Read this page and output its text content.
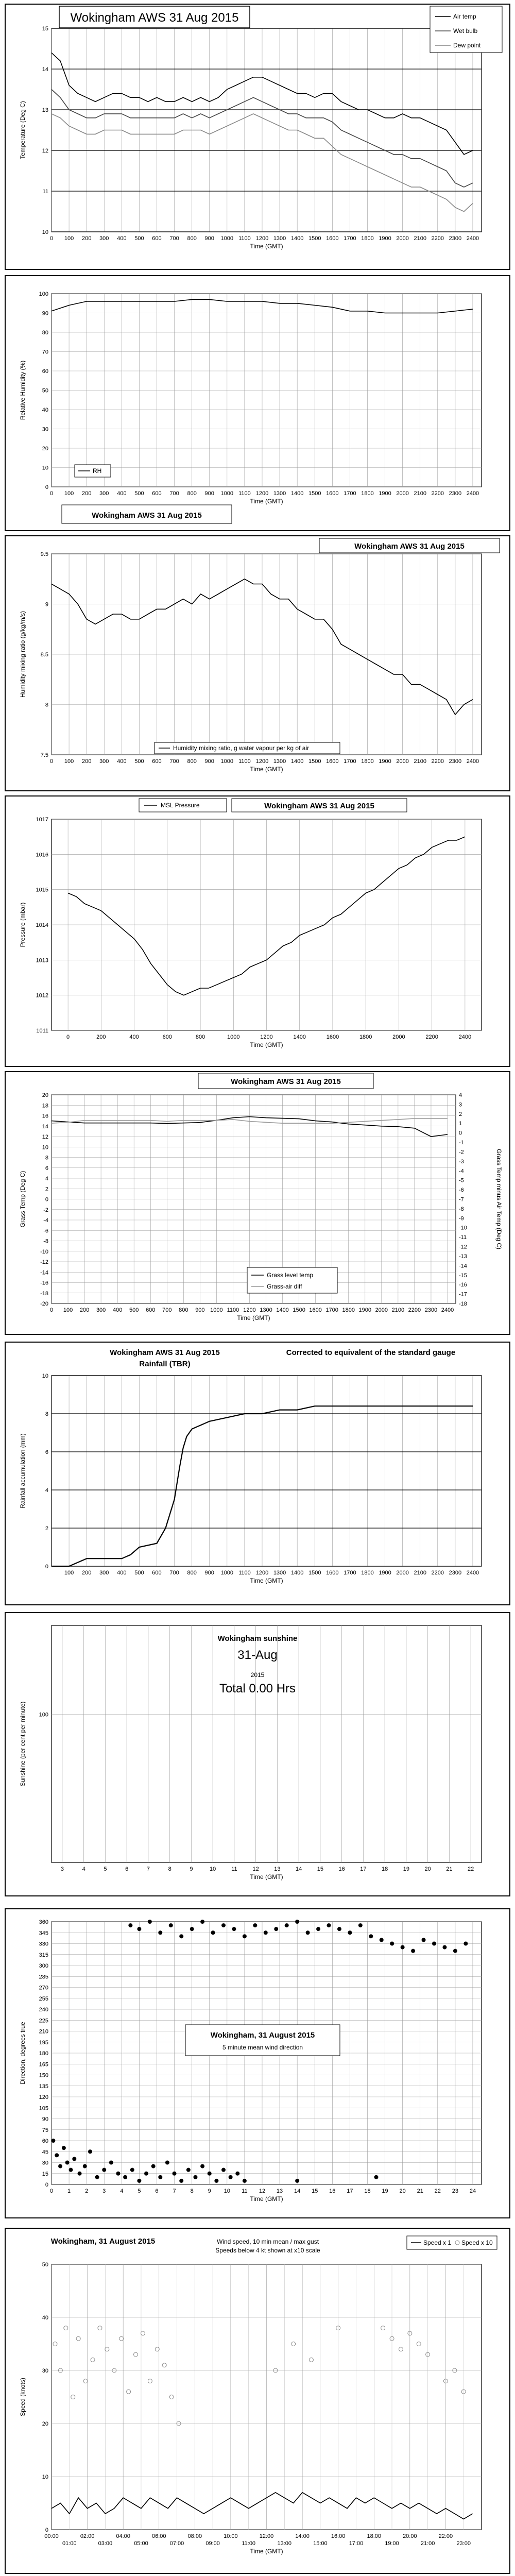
0 100 200 300 400 500 600 700 800 900 1000 1100 1200 1300 1400 1500 1600 1700 1800 1900 2000 2100 2200 2300 2400
10
11
12
13
14
15
Time (GMT)
Temperature (Deg C)
Wokingham AWS 31 Aug 2015	Air temp
Wet bulb
Dew point
0 100 200 300 400 500 600 700 800 900 1000 1100 1200 1300 1400 1500 1600 1700 1800 1900 2000 2100 2200 2300 2400
0
10
20
30
40
50
60
70
80
90
100
Time (GMT)
Relative Humidity (%)
Wokingham AWS 31 Aug 2015
RH
0 100 200 300 400 500 600 700 800 900 1000 1100 1200 1300 1400 1500 1600 1700 1800 1900 2000 2100 2200 2300 2400
7.5
8
8.5
9
9.5
Time (GMT)
Humidity mixing ratio (g/kg/m/s)
Wokingham AWS 31 Aug 2015
Humidity mixing ratio, g water vapour per kg of air
0	200	400	600	800	1000	1200	1400	1600	1800	2000	2200	2400
1011
1012
1013
1014
1015
1016
1017
Time (GMT)
Pressure (mbar)
MSL Pressure	Wokingham AWS 31 Aug 2015
0 100 200 300 400 500 600 700 800 900 1000 1100 1200 1300 1400 1500 1600 1700 1800 1900 2000 2100 2200 2300 2400
-20
-18
-16
-14
-12
-10
-8
-6
-4
-2
0
2
4
6
8
10
12
14
16
18
20
-18
-17
-16
-15
-14
-13
-12
-11
-10
-9
-8
-7
-6
-5
-4
-3
-2
-1
0
1
2
3
4
Grass Temp minus Air Temp (Deg C)
Time (GMT)
Grass Temp (Deg C)
Wokingham AWS 31 Aug 2015
Grass level temp
Grass-air diff
100 200 300 400 500 600 700 800 900 1000 1100 1200 1300 1400 1500 1600 1700 1800 1900 2000 2100 2200 2300 2400
0
2
4
6
8
10
Time (GMT)
Rainfall accumulation (mm)
Wokingham AWS 31 Aug 2015
Rainfall (TBR)
Corrected to equivalent of the standard gauge
3	4	5	6	7	8	9	10	11	12	13	14	15	16	17	18	19	20	21	22
100
Time (GMT)
Sunshine (per cent per minute)
Wokingham sunshine
31-Aug
2015
Total 0.00 Hrs
0	1	2	3	4	5	6	7	8	9 10 11 12 13 14 15 16 17 18 19 20 21 22 23 24
0
15
30
45
60
75
90
105
120
135
150
165
180
195
210
225
240
255
270
285
300
315
330
345
360
Time (GMT)
Direction, degrees true	Wokingham, 31 August 2015
5 minute mean wind direction
0
10
20
30
40
50
00:00	02:00	04:00	06:00	08:00	10:00	12:00	14:00	16:00	18:00	20:00	22:00
01:00	03:00	05:00	07:00	09:00	11:00	13:00	15:00	17:00	19:00	21:00	23:00
Time (GMT)
Speed (knots)
Wokingham, 31 August 2015	Wind speed, 10 min mean / max gust
Speeds below 4 kt shown at x10 scale
Speed x 1 Speed x 10
